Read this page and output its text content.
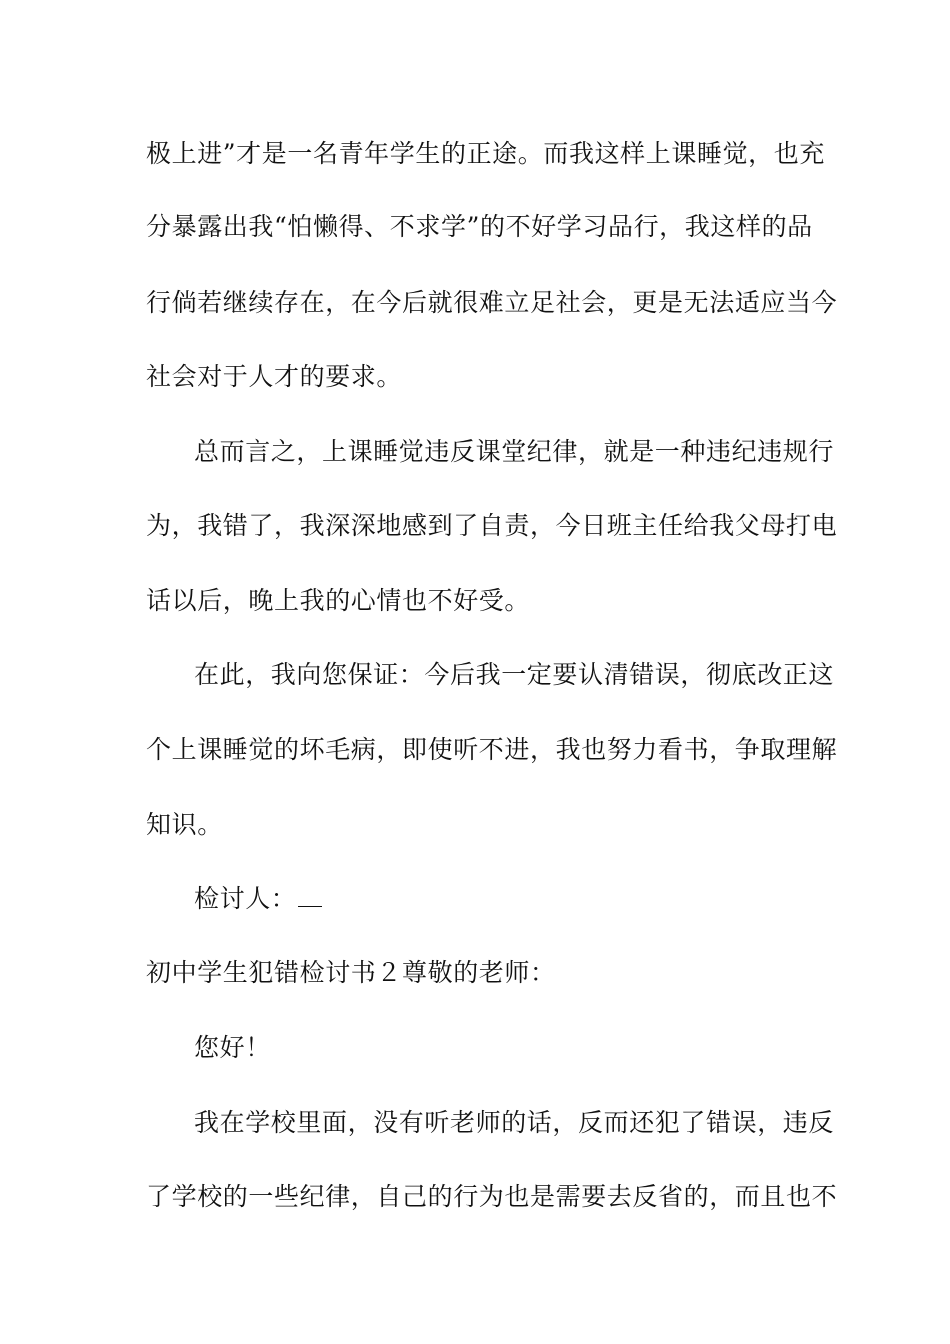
极上进”才是一名青年学生的正途。而我这样上课睡觉，也充
分暴露出我“怕懒得、不求学”的不好学习品行，我这样的品
行倘若继续存在，在今后就很难立足社会，更是无法适应当今
社会对于人才的要求。
总而言之，上课睡觉违反课堂纪律，就是一种违纪违规行
为，我错了，我深深地感到了自责，今日班主任给我父母打电
话以后，晚上我的心情也不好受。
在此，我向您保证：今后我一定要认清错误，彻底改正这
个上课睡觉的坏毛病，即使听不进，我也努力看书，争取理解
知识。
检讨人：
初中学生犯错检讨书２尊敬的老师：
您好！
我在学校里面，没有听老师的话，反而还犯了错误，违反
了学校的一些纪律，自己的行为也是需要去反省的，而且也不
